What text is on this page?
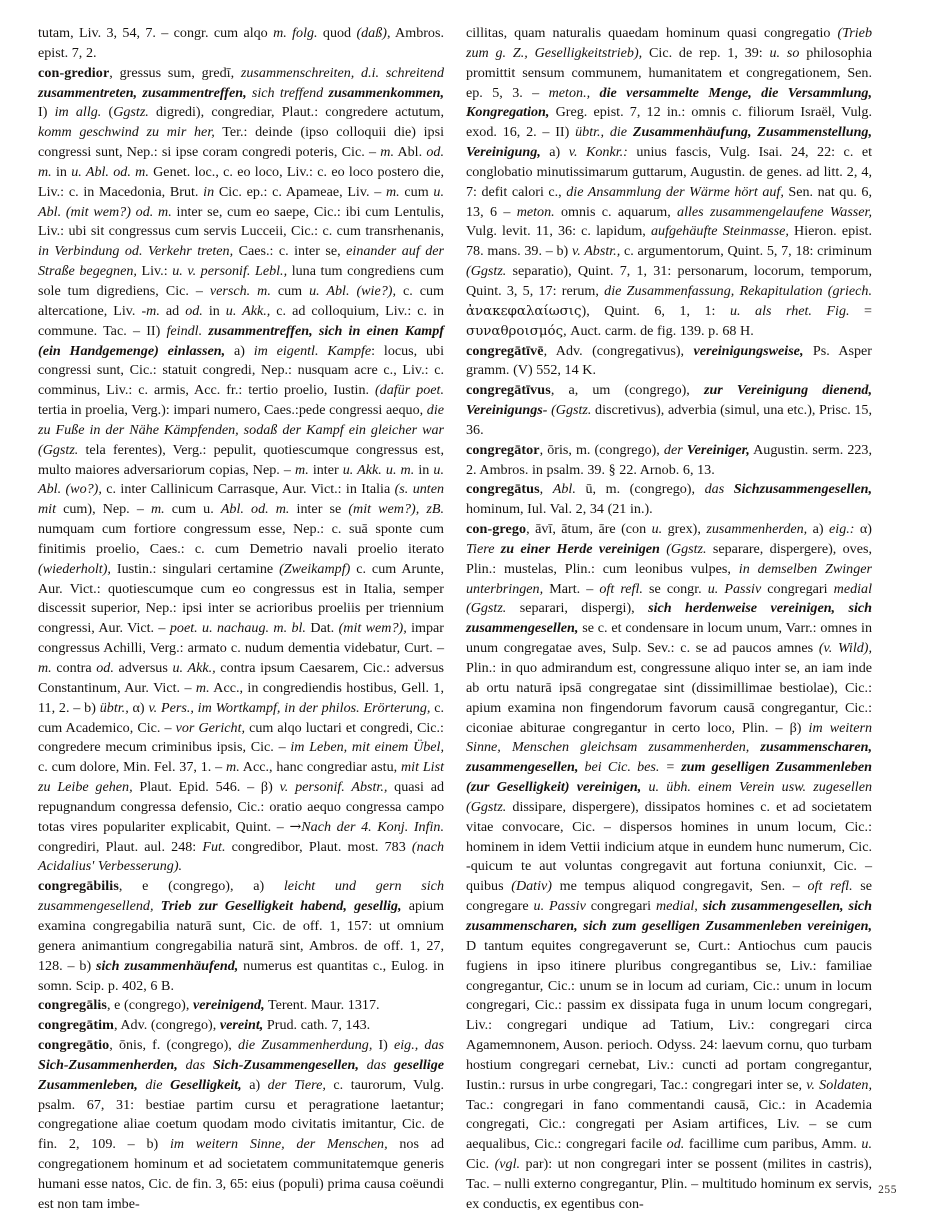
tutam, Liv. 3, 54, 7. – congr. cum alqo m. folg. quod (daß), Ambros. epist. 7, 2.

con-gredior, gressus sum, gredī, zusammenschreiten, d.i. schreitend zusammentreten, zusammentreffen, sich treffend zusammenkommen, I) im allg. (Ggstz. digredi), congrediar, Plaut.: congredere actutum, komm geschwind zu mir her, Ter.: deinde (ipso colloquii die) ipsi congressi sunt, Nep.: si ipse coram congredi poteris, Cic. – m. Abl. od. m. in u. Abl. od. m. Genet. loc., c. eo loco, Liv.: c. eo loco postero die, Liv.: c. in Macedonia, Brut. in Cic. ep.: c. Apameae, Liv. – m. cum u. Abl. (mit wem?) od. m. inter se, cum eo saepe, Cic.: ibi cum Lentulis, Liv.: ubi sit congressus cum servis Lucceii, Cic.: c. cum transrhenanis, in Verbindung od. Verkehr treten, Caes.: c. inter se, einander auf der Straße begegnen, Liv.: u. v. personif. Lebl., luna tum congrediens cum sole tum digrediens, Cic. – versch. m. cum u. Abl. (wie?), c. cum altercatione, Liv. -m. ad od. in u. Akk., c. ad colloquium, Liv.: c. in commune. Tac. – II) feindl. zusammentreffen, sich in einen Kampf (ein Handgemenge) einlassen, a) im eigentl. Kampfe: locus, ubi congressi sunt, Cic.: statuit congredi, Nep.: nusquam acre c., Liv.: c. comminus, Liv.: c. armis, Acc. fr.: tertio proelio, Iustin. (dafür poet. tertia in proelia, Verg.): impari numero, Caes.:pede congressi aequo, die zu Fuße in der Nähe Kämpfenden, sodaß der Kampf ein gleicher war (Ggstz. tela ferentes), Verg.: pepulit, quotiescumque congressus est, multo maiores adversariorum copias, Nep. – m. inter u. Akk. u. m. in u. Abl. (wo?), c. inter Callinicum Carrasque, Aur. Vict.: in Italia (s. unten mit cum), Nep. – m. cum u. Abl. od. m. inter se (mit wem?), zB. numquam cum fortiore congressum esse, Nep.: c. suā sponte cum finitimis proelio, Caes.: c. cum Demetrio navali proelio iterato (wiederholt), Iustin.: singulari certamine (Zweikampf) c. cum Arunte, Aur. Vict.: quotiescumque cum eo congressus est in Italia, semper discessit superior, Nep.: ipsi inter se acrioribus proeliis per triennium congressi, Aur. Vict. – poet. u. nachaug. m. bl. Dat. (mit wem?), impar congressus Achilli, Verg.: armato c. nudum dementia videbatur, Curt. – m. contra od. adversus u. Akk., contra ipsum Caesarem, Cic.: adversus Constantinum, Aur. Vict. – m. Acc., in congrediendis hostibus, Gell. 1, 11, 2. – b) übtr., α) v. Pers., im Wortkampf, in der philos. Erörterung, c. cum Academico, Cic. – vor Gericht, cum alqo luctari et congredi, Cic.: congredere mecum criminibus ipsis, Cic. – im Leben, mit einem Übel, c. cum dolore, Min. Fel. 37, 1. – m. Acc., hanc congrediar astu, mit List zu Leibe gehen, Plaut. Epid. 546. – β) v. personif. Abstr., quasi ad repugnandum congressa defensio, Cic.: oratio aequo congressa campo totas vires populariter explicabit, Quint. – →Nach der 4. Konj. Infin. congrediri, Plaut. aul. 248: Fut. congredibor, Plaut. most. 783 (nach Acidalius' Verbesserung).

congregābilis, e (congrego), a) leicht und gern sich zusammengesellend, Trieb zur Geselligkeit habend, gesellig, apium examina congregabilia naturā sunt, Cic. de off. 1, 157: ut omnium genera animantium congregabilia naturā sint, Ambros. de off. 1, 27, 128. – b) sich zusammenhäufend, numerus est quantitas c., Eulog. in somn. Scip. p. 402, 6 B.

congregālis, e (congrego), vereinigend, Terent. Maur. 1317.

congregātim, Adv. (congrego), vereint, Prud. cath. 7, 143.

congregātio, ōnis, f. (congrego), die Zusammenherdung, I) eig., das Sich-Zusammenherden, das Sich-Zusammengesellen, das gesellige Zusammenleben, die Geselligkeit, a) der Tiere, c. taurorum, Vulg. psalm. 67, 31: bestiae partim cursu et peragratione laetantur; congregatione aliae coetum quodam modo civitatis imitantur, Cic. de fin. 2, 109. – b) im weitern Sinne, der Menschen, nos ad congregationem hominum et ad societatem communitatemque generis humani esse natos, Cic. de fin. 3, 65: eius (populi) prima causa coëundi est non tam imbe-

cillitas, quam naturalis quaedam hominum quasi congregatio (Trieb zum g. Z., Geselligkeitstrieb), Cic. de rep. 1, 39: u. so philosophia promittit sensum communem, humanitatem et congregationem, Sen. ep. 5, 3. – meton., die versammelte Menge, die Versammlung, Kongregation, Greg. epist. 7, 12 in.: omnis c. filiorum Israël, Vulg. exod. 16, 2. – II) übtr., die Zusammenhäufung, Zusammenstellung, Vereinigung, a) v. Konkr.: unius fascis, Vulg. Isai. 24, 22: c. et conglobatio minutissimarum guttarum, Augustin. de genes. ad litt. 2, 4, 7: defit calori c., die Ansammlung der Wärme hört auf, Sen. nat qu. 6, 13, 6 – meton. omnis c. aquarum, alles zusammengelaufene Wasser, Vulg. levit. 11, 36: c. lapidum, aufgehäufte Steinmasse, Hieron. epist. 78. mans. 39. – b) v. Abstr., c. argumentorum, Quint. 5, 7, 18: criminum (Ggstz. separatio), Quint. 7, 1, 31: personarum, locorum, temporum, Quint. 3, 5, 17: rerum, die Zusammenfassung, Rekapitulation (griech. ἀνακεφαλαίωσις), Quint. 6, 1, 1: u. als rhet. Fig. = συναθροισμός, Auct. carm. de fig. 139. p. 68 H.

congregātīvē, Adv. (congregativus), vereinigungsweise, Ps. Asper gramm. (V) 552, 14 K.

congregātīvus, a, um (congrego), zur Vereinigung dienend, Vereinigungs- (Ggstz. discretivus), adverbia (simul, una etc.), Prisc. 15, 36.

congregātor, ōris, m. (congrego), der Vereiniger, Augustin. serm. 223, 2. Ambros. in psalm. 39. § 22. Arnob. 6, 13.

congregātus, Abl. ū, m. (congrego), das Sichzusammengesellen, hominum, Iul. Val. 2, 34 (21 in.).

con-grego, āvī, ātum, āre (con u. grex), zusammenherden, a) eig.: α) Tiere zu einer Herde vereinigen (Ggstz. separare, dispergere), oves, Plin.: mustelas, Plin.: cum leonibus vulpes, in demselben Zwinger unterbringen, Mart. – oft refl. se congr. u. Passiv congregari medial (Ggstz. separari, dispergi), sich herdenweise vereinigen, sich zusammengesellen, se c. et condensare in locum unum, Varr.: omnes in unum congregatae aves, Sulp. Sev.: c. se ad paucos amnes (v. Wild), Plin.: in quo admirandum est, congressune aliquo inter se, an iam inde ab ortu naturā ipsā congregatae sint (dissimillimae bestiolae), Cic.: apium examina non fingendorum favorum causā congregantur, Cic.: ciconiae abiturae congregantur in certo loco, Plin. – β) im weitern Sinne, Menschen gleichsam zusammenherden, zusammenscharen, zusammengesellen, bei Cic. bes. = zum geselligen Zusammenleben (zur Geselligkeit) vereinigen, u. übh. einem Verein usw. zugesellen (Ggstz. dissipare, dispergere), dissipatos homines c. et ad societatem vitae convocare, Cic. – dispersos homines in unum locum, Cic.: hominem in idem Vettii indicium atque in eundem hunc numerum, Cic. -quicum te aut voluntas congregavit aut fortuna coniunxit, Cic. – quibus (Dativ) me tempus aliquod congregavit, Sen. – oft refl. se congregare u. Passiv congregari medial, sich zusammengesellen, sich zusammenscharen, sich zum geselligen Zusammenleben vereinigen, D tantum equites congregaverunt se, Curt.: Antiochus cum paucis fugiens in ipso itinere pluribus congregantibus se, Liv.: familiae congregantur, Cic.: unum se in locum ad curiam, Cic.: unum in locum congregari, Cic.: passim ex dissipata fuga in unum locum congregari, Liv.: congregari undique ad Tatium, Liv.: congregari circa Agamemnonem, Auson. perioch. Odyss. 24: laevum cornu, quo turbam hostium congregari cernebat, Liv.: cuncti ad portam congregantur, Iustin.: rursus in urbe congregari, Tac.: congregari inter se, v. Soldaten, Tac.: congregari in fano commentandi causā, Cic.: in Academia congregati, Cic.: congregati per Asiam artifices, Liv. – se cum aequalibus, Cic.: congregari facile od. facillime cum paribus, Amm. u. Cic. (vgl. par): ut non congregari inter se possent (milites in castris), Tac. – nulli externo congregantur, Plin. – multitudo hominum ex servis, ex conductis, ex egentibus con-

255
